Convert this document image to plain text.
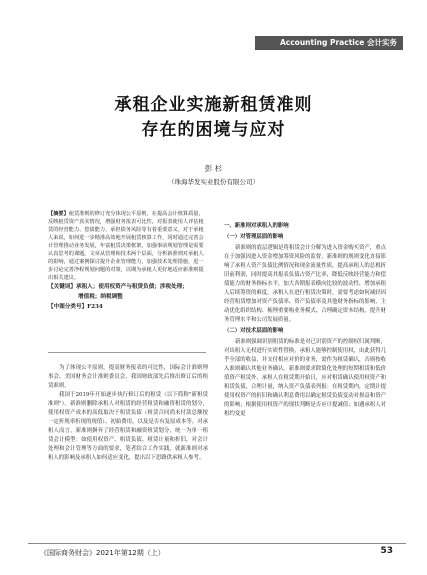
Accounting Practice 会计实务
承租企业实施新租赁准则
存在的困境与应对
彭 杉
（珠海华发实业股份有限公司）
【摘要】租赁准则的修订充分体现公平原则，在提高会计核算质量，反映租赁资产真实情况，增强财务报表可比性，对报表使用人评估租赁的经营能力、偿债能力、承担债务风险等有着重要意义。对于承租人来说，如何进一步精准高效地开展租赁核算工作，同时通过完善会计管理推动业务发展，年富租赁决策框架，加强事前规划管理是需要认真思考的课题。文章从管理和技术两个层面，分析新准则对承租人的影响，通过案例探讨提升企业管理能力，加强技术处理措施，进一步讨论完善净程规划问题的对策，以期为承租人更好地适应新准则提出相关建议。
【关键词】承租人；使用权资产与租赁负债；涉税处理；
增值税；纳税调整
【中图分类号】F234

为了体现公平原则，提高财务报表的可比性，国际会计准则理事会、美国财务会计准则委员会、我国财政部先后推出修订后的租赁准则。

我国于2019年开始逐步执行修订后的租赁（以下简称"新租赁准则"）。新准则删除承租人对租赁的经营租赁和融资租赁的划分，使用权资产成本的高低取决于租赁负债（租赁合同尚未付款总额按一定折现率折现的现值）、初始费用，以及是否有复原成本等。对承租人而言，新准则摒弃了经营租赁和融资租赁划分，统一为单一租赁会计模型：如使用权资产、租赁负债、租赁计量和折旧，对会计处理和会计管理等方面的要求，笔者结合工作实践，就新准则对承租人的影响及承租人如何适应变化，提出以下思路供承租人参考。

一、新准则对承租人的影响
（一）对管理层面的影响

新准则的底层逻辑是将租赁会计分解为进入资金购买资产，重点在于加强因进入资金增加筹资风险的监督。新准则的规则变化直接影响了承租人资产负债比例情况和现金流量性质，提高承租人的总税折旧前利润，同时提高其报表负债占资产比率，降低反映经营能力和偿债能力的财务指标水平，加大各期报表横向比较的波动性，增加承租人后续筹资的难度。承租人在进行租赁决策时，需要考虑如何减轻因经营租赁增加对资产负债率、资产负债率及其他财务指标的影响，主动优化组织结构、梳理重要构业务模式、合理确定资本结构，提升财务管理水平和公司发展质量。

（二）对技术层面的影响

新准则强调识别租赁的标准是对已识别资产的控制权归属判断，对出租人无权进行实质性替换，承租人能够控制使用权，由此获得几乎全部的收益，并支付相应对价的业务，需作为租赁确认，否则按收入准则确认其他业务确认。新准则要求除简化处理的短期租赁和低价值资产租赁外，承租人在租赁期开始日，应对租赁确认使用权资产和租赁负债，合理计量，纳入资产负债表列报：在租赁期内，定期计提使用权资产的折旧和确认利息费用以确定租赁负债变动对损益和资产的影响；根据使用权资产的现状判断是否应计提减值；如遇承租人对租约变更

《国际商务财会》2021年第12期（上）	53
